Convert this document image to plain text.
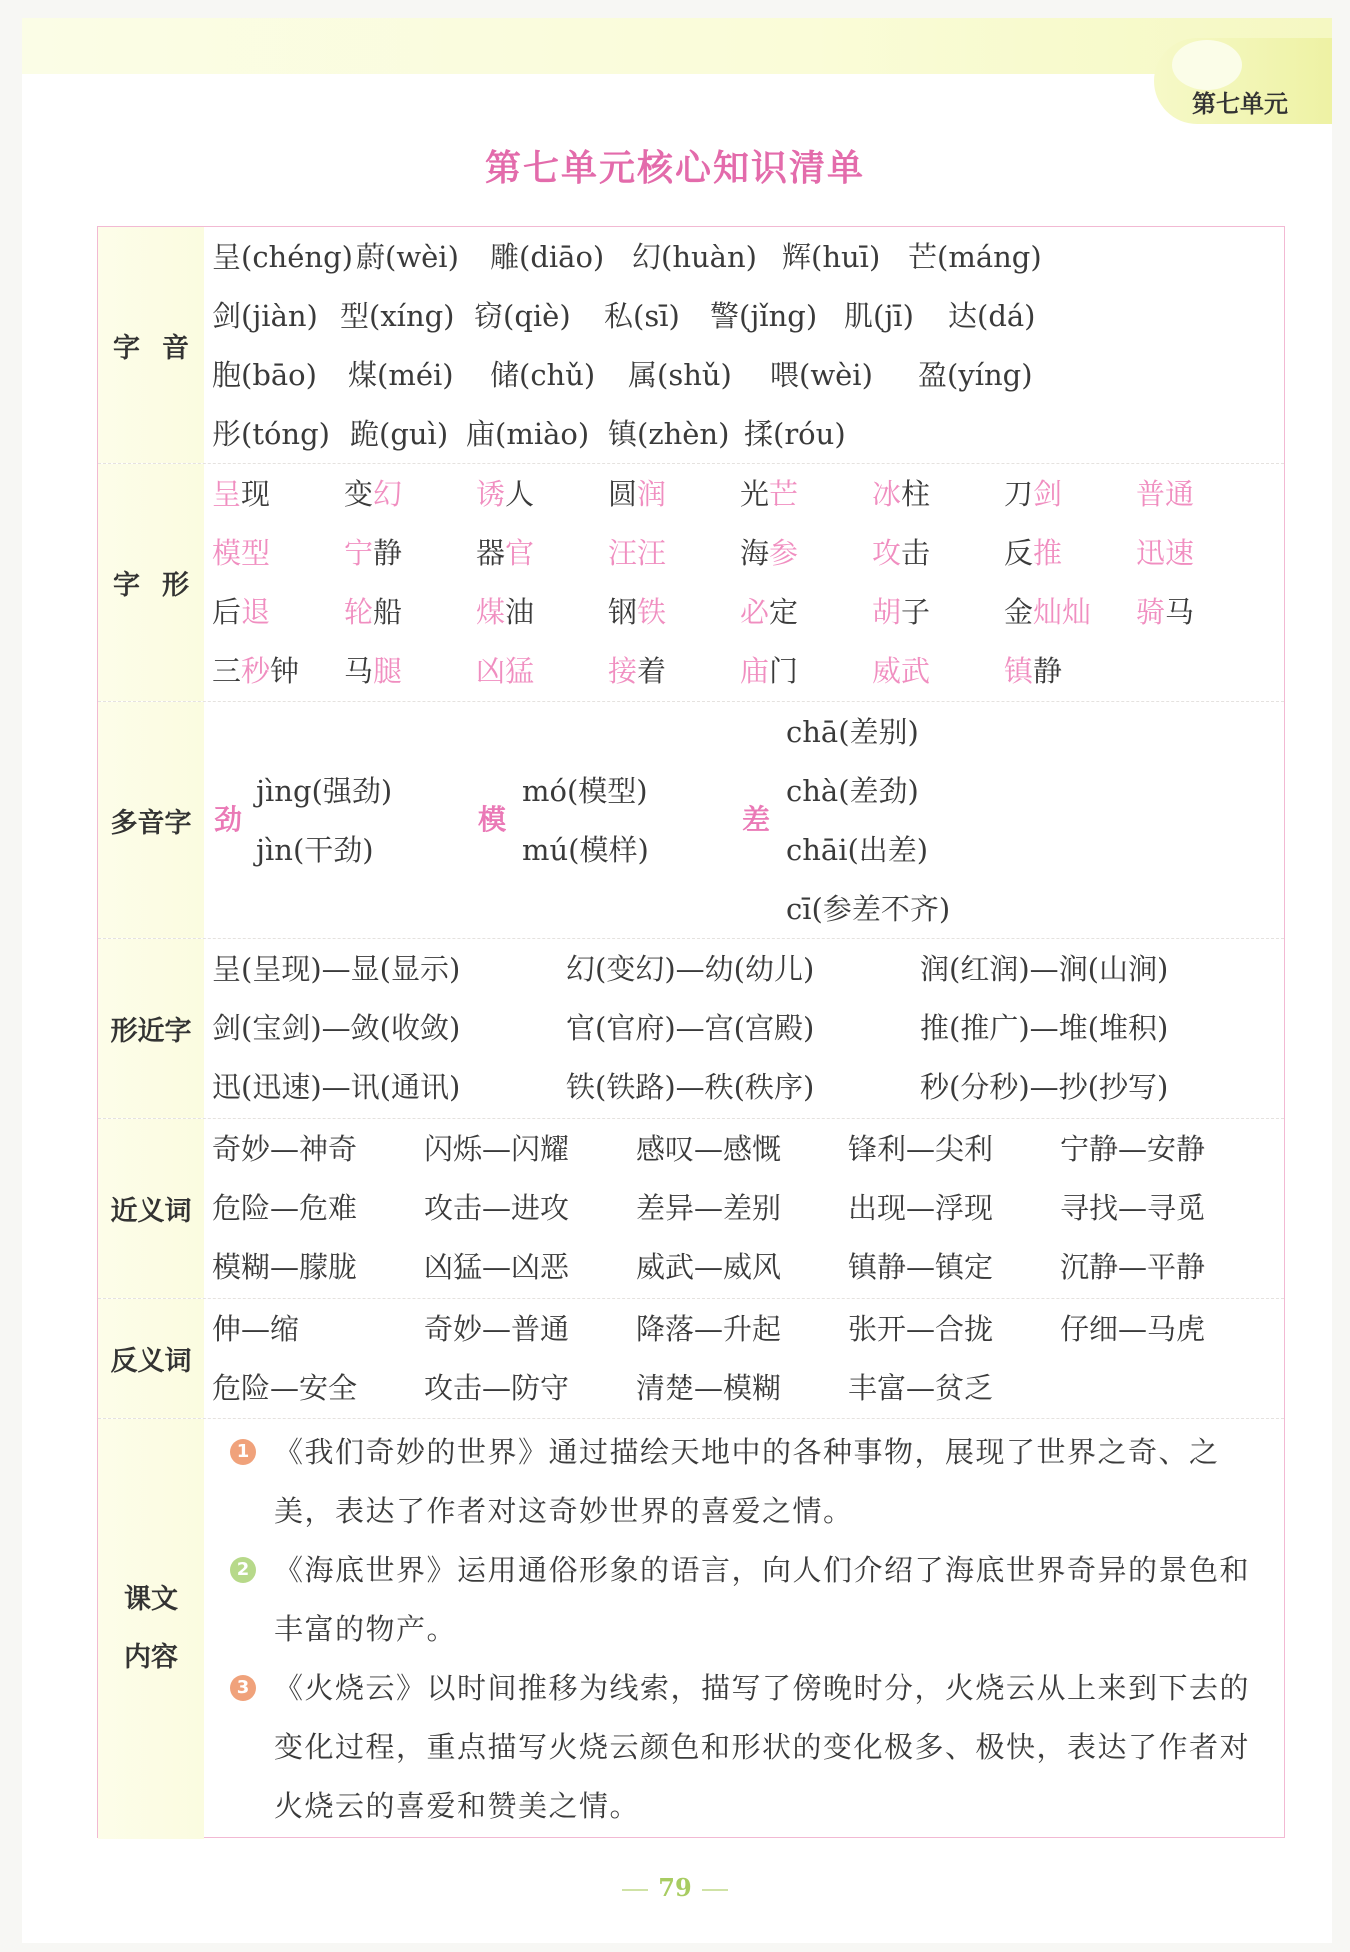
第七单元
第七单元核心知识清单
字音
呈(chéng) 蔚(wèi) 雕(diāo) 幻(huàn) 辉(huī) 芒(máng)
剑(jiàn) 型(xíng) 窃(qiè) 私(sī) 警(jǐng) 肌(jī) 达(dá)
胞(bāo) 煤(méi) 储(chǔ) 属(shǔ) 喂(wèi) 盈(yíng)
彤(tóng) 跪(guì) 庙(miào) 镇(zhèn) 揉(róu)
字形
呈现	变幻	诱人	圆润	光芒	冰柱	刀剑	普通
模型	宁静	器官	汪汪	海参	攻击	反推	迅速
后退	轮船	煤油	钢铁	必定	胡子	金灿灿 骑马
三秒钟 马腿	凶猛	接着	庙门	威武	镇静
多音字 劲
jìng(强劲)
jìn(干劲)
模
mó(模型)
mú(模样)
差
chā(差别)
chà(差劲)
chāi(出差)
cī(参差不齐)
形近字
呈(呈现)—显(显示)	幻(变幻)—幼(幼儿)	润(红润)—涧(山涧)
剑(宝剑)—敛(收敛)	官(官府)—宫(宫殿)	推(推广)—堆(堆积)
迅(迅速)—讯(通讯)	铁(铁路)—秩(秩序)	秒(分秒)—抄(抄写)
近义词
奇妙—神奇 闪烁—闪耀 感叹—感慨 锋利—尖利 宁静—安静
危险—危难 攻击—进攻 差异—差别 出现—浮现 寻找—寻觅
模糊—朦胧 凶猛—凶恶 威武—威风 镇静—镇定 沉静—平静
反义词
伸—缩	奇妙—普通 降落—升起 张开—合拢 仔细—马虎
危险—安全 攻击—防守 清楚—模糊 丰富—贫乏
课文
内容
1 《我们奇妙的世界》通过描绘天地中的各种事物，展现了世界之奇、之美，表达了作者对这奇妙世界的喜爱之情。
2 《海底世界》运用通俗形象的语言，向人们介绍了海底世界奇异的景色和丰富的物产。
3 《火烧云》以时间推移为线索，描写了傍晚时分，火烧云从上来到下去的变化过程，重点描写火烧云颜色和形状的变化极多、极快，表达了作者对火烧云的喜爱和赞美之情。
79
